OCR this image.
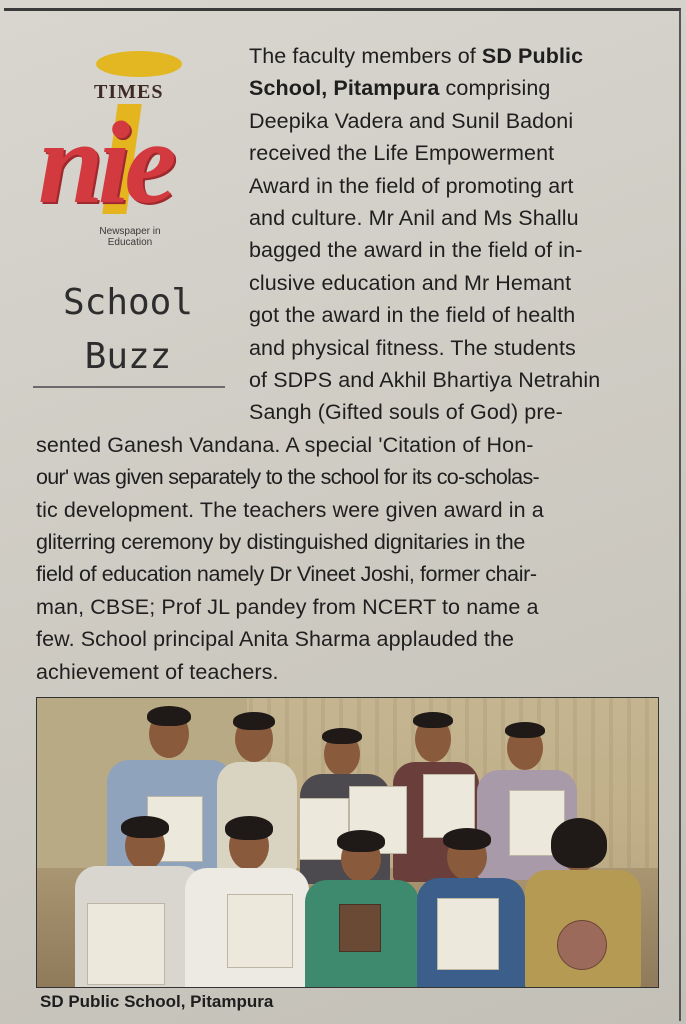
TIMES
nie
Newspaper in
Education
School
Buzz
The faculty members of SD Public
School, Pitampura comprising
Deepika Vadera and Sunil Badoni
received the Life Empowerment
Award in the field of promoting art
and culture. Mr Anil and Ms Shallu
bagged the award in the field of in-
clusive education and Mr Hemant
got the award in the field of health
and physical fitness. The students
of SDPS and Akhil Bhartiya Netrahin
Sangh (Gifted souls of God) pre-
sented Ganesh Vandana. A special 'Citation of Hon-
our' was given separately to the school for its co-scholas-
tic development. The teachers were given award in a
gliterring ceremony by distinguished dignitaries in the
field of education namely Dr Vineet Joshi, former chair-
man, CBSE; Prof JL pandey from NCERT to name a
few. School principal Anita Sharma applauded the
achievement of teachers.
SD Public School, Pitampura
